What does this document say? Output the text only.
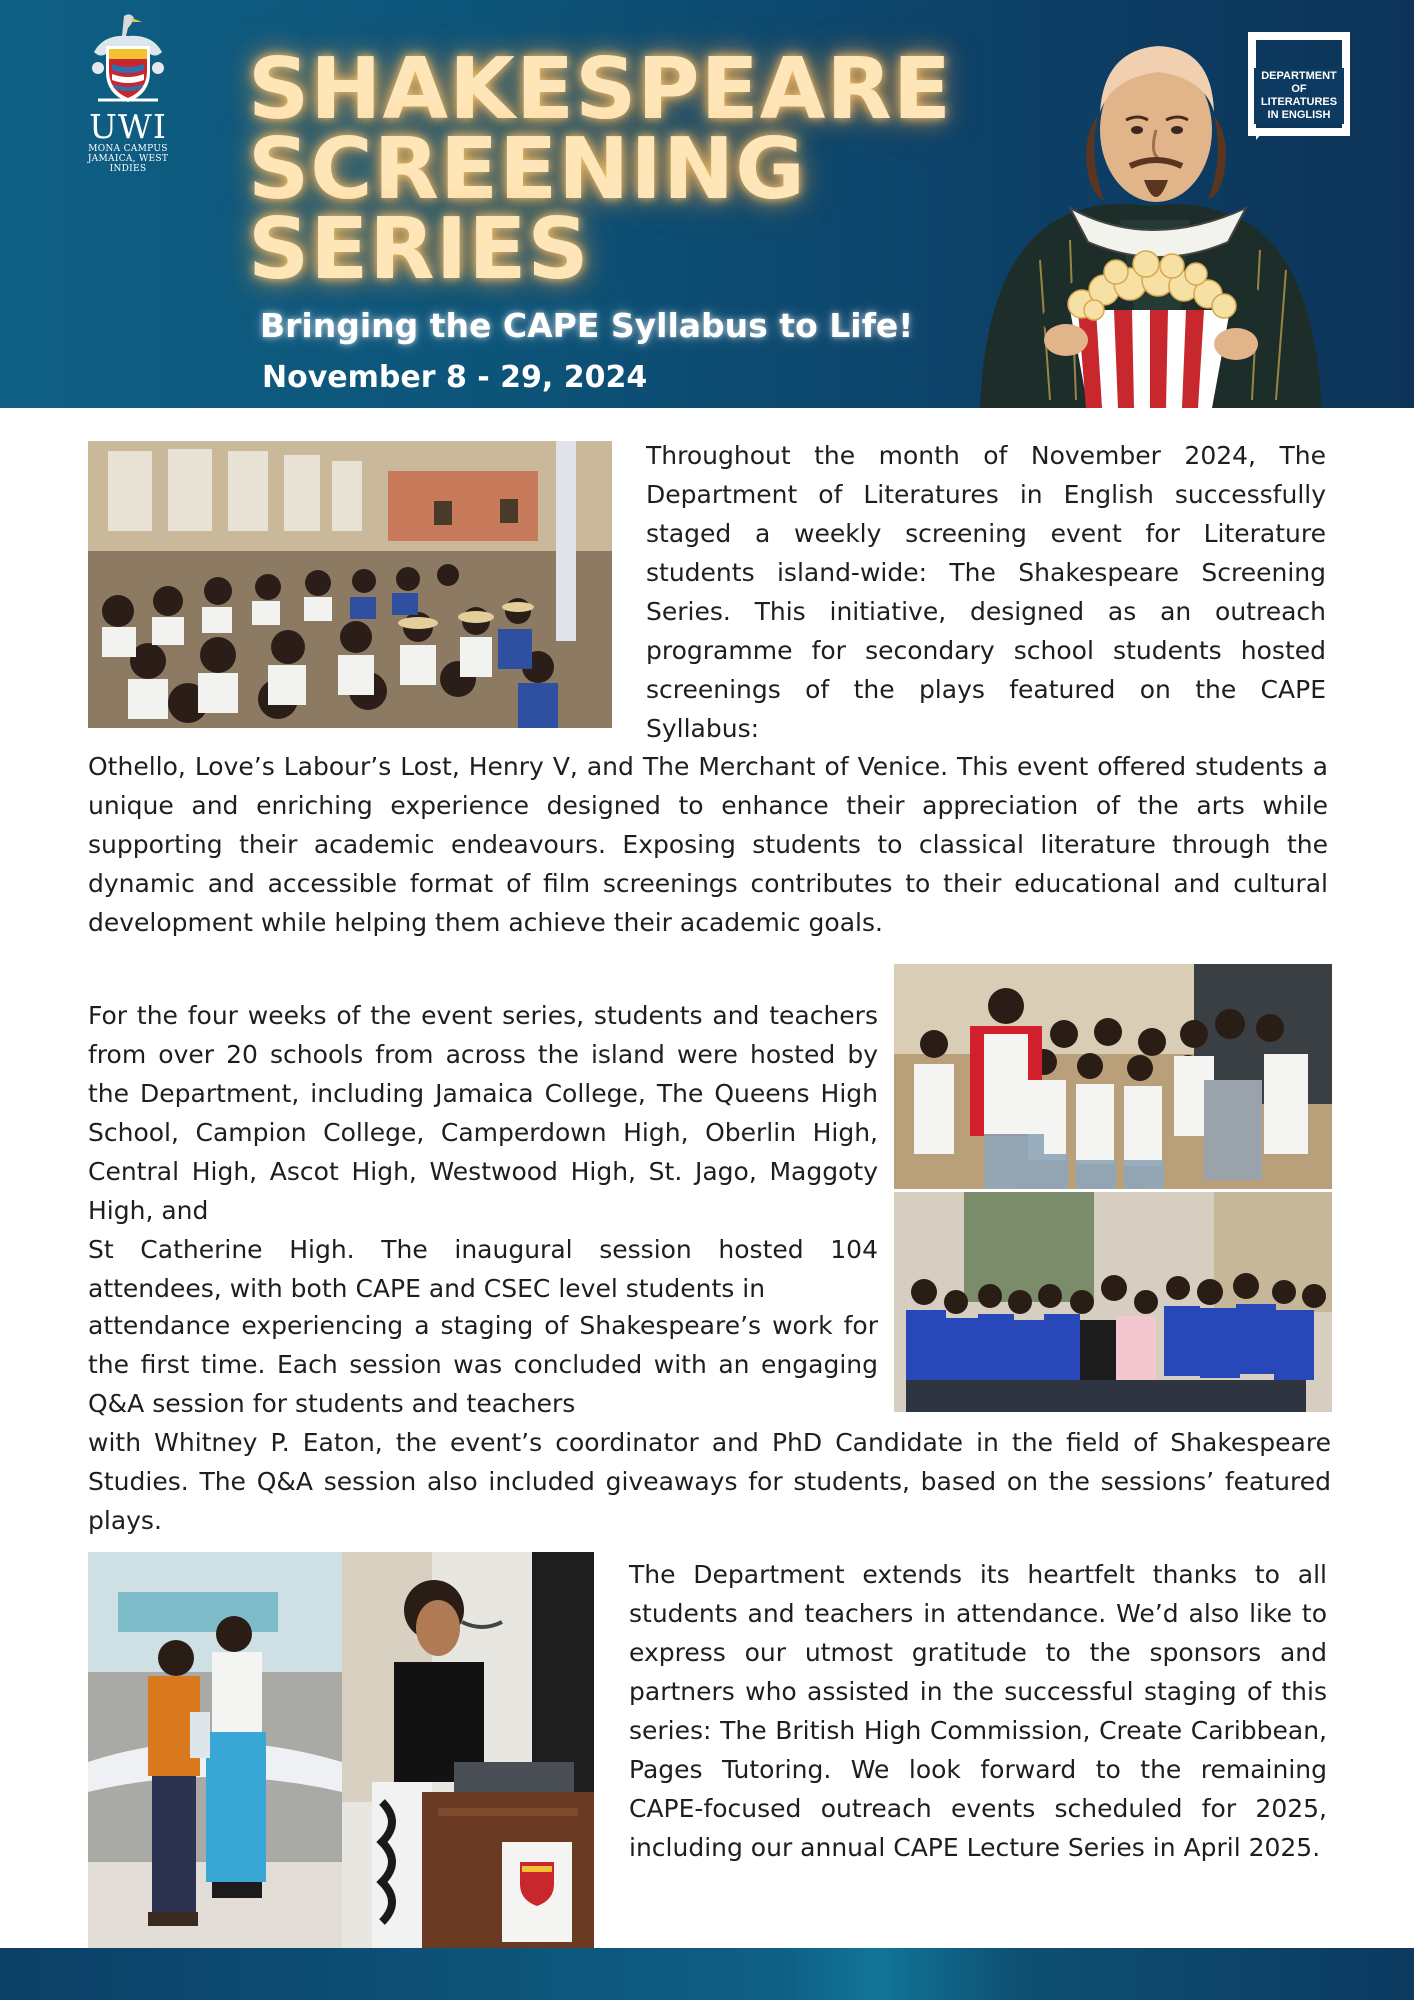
UWI
MONA CAMPUS
JAMAICA, WEST INDIES
SHAKESPEARE
SCREENING
SERIES
Bringing the CAPE Syllabus to Life!
November 8 - 29, 2024
DEPARTMENT OF LITERATURES IN ENGLISH

Throughout the month of November 2024, The Department of Literatures in English successfully staged a weekly screening event for Literature students island-wide: The Shakespeare Screening Series. This initiative, designed as an outreach programme for secondary school students hosted screenings of the plays featured on the CAPE Syllabus:

Othello, Love’s Labour’s Lost, Henry V, and The Merchant of Venice. This event offered students a unique and enriching experience designed to enhance their appreciation of the arts while supporting their academic endeavours. Exposing students to classical literature through the dynamic and accessible format of film screenings contributes to their educational and cultural development while helping them achieve their academic goals.

For the four weeks of the event series, students and teachers from over 20 schools from across the island were hosted by the Department, including Jamaica College, The Queens High School, Campion College, Camperdown High, Oberlin High, Central High, Ascot High, Westwood High, St. Jago, Maggoty High, and

St Catherine High. The inaugural session hosted 104 attendees, with both CAPE and CSEC level students in

attendance experiencing a staging of Shakespeare’s work for the first time. Each session was concluded with an engaging Q&A session for students and teachers

with Whitney P. Eaton, the event’s coordinator and PhD Candidate in the field of Shakespeare Studies. The Q&A session also included giveaways for students, based on the sessions’ featured plays.

The Department extends its heartfelt thanks to all students and teachers in attendance. We’d also like to express our utmost gratitude to the sponsors and partners who assisted in the successful staging of this series: The British High Commission, Create Caribbean, Pages Tutoring. We look forward to the remaining CAPE-focused outreach events scheduled for 2025, including our annual CAPE Lecture Series in April 2025.
